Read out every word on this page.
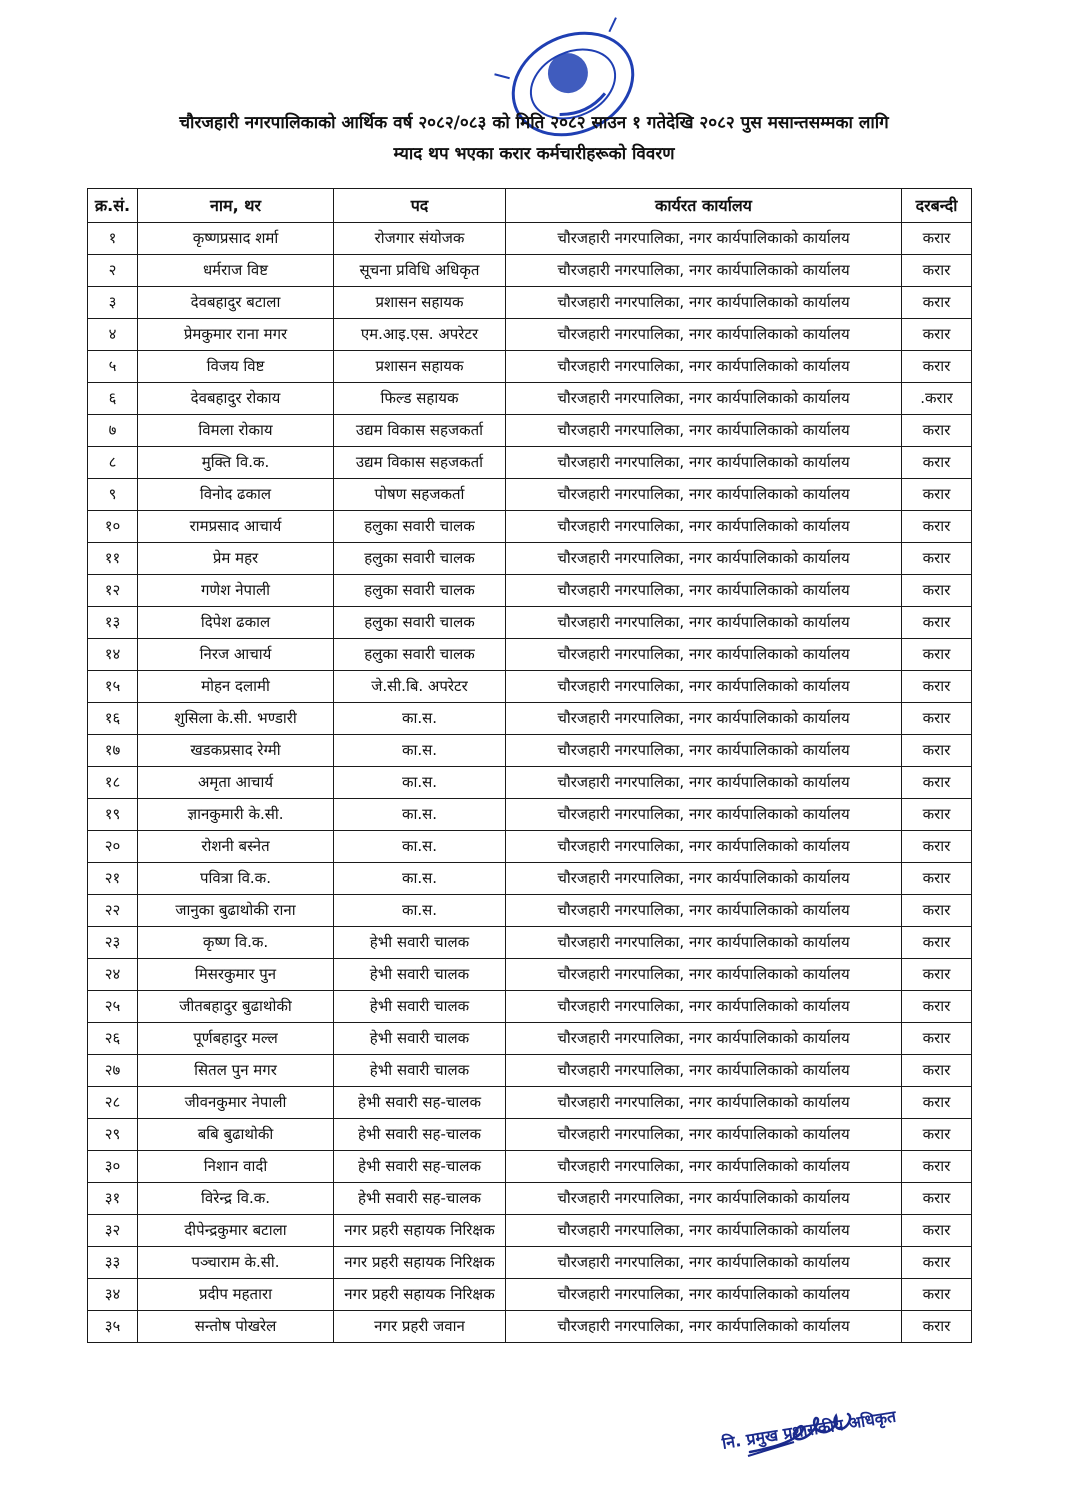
चौरजहारी नगरपालिकाको आर्थिक वर्ष २०८२/०८३ को मिति २०८२ साउन १ गतेदेखि २०८२ पुस मसान्तसम्मका लागि
म्याद थप भएका करार कर्मचारीहरूको विवरण
क्र.सं.	नाम, थर	पद	कार्यरत कार्यालय	दरबन्दी
१	कृष्णप्रसाद शर्मा	रोजगार संयोजक	चौरजहारी नगरपालिका, नगर कार्यपालिकाको कार्यालय	करार
२	धर्मराज विष्ट	सूचना प्रविधि अधिकृत	चौरजहारी नगरपालिका, नगर कार्यपालिकाको कार्यालय	करार
३	देवबहादुर बटाला	प्रशासन सहायक	चौरजहारी नगरपालिका, नगर कार्यपालिकाको कार्यालय	करार
४	प्रेमकुमार राना मगर	एम.आइ.एस. अपरेटर	चौरजहारी नगरपालिका, नगर कार्यपालिकाको कार्यालय	करार
५	विजय विष्ट	प्रशासन सहायक	चौरजहारी नगरपालिका, नगर कार्यपालिकाको कार्यालय	करार
६	देवबहादुर रोकाय	फिल्ड सहायक	चौरजहारी नगरपालिका, नगर कार्यपालिकाको कार्यालय	.करार
७	विमला रोकाय	उद्यम विकास सहजकर्ता	चौरजहारी नगरपालिका, नगर कार्यपालिकाको कार्यालय	करार
८	मुक्ति वि.क.	उद्यम विकास सहजकर्ता	चौरजहारी नगरपालिका, नगर कार्यपालिकाको कार्यालय	करार
९	विनोद ढकाल	पोषण सहजकर्ता	चौरजहारी नगरपालिका, नगर कार्यपालिकाको कार्यालय	करार
१०	रामप्रसाद आचार्य	हलुका सवारी चालक	चौरजहारी नगरपालिका, नगर कार्यपालिकाको कार्यालय	करार
११	प्रेम महर	हलुका सवारी चालक	चौरजहारी नगरपालिका, नगर कार्यपालिकाको कार्यालय	करार
१२	गणेश नेपाली	हलुका सवारी चालक	चौरजहारी नगरपालिका, नगर कार्यपालिकाको कार्यालय	करार
१३	दिपेश ढकाल	हलुका सवारी चालक	चौरजहारी नगरपालिका, नगर कार्यपालिकाको कार्यालय	करार
१४	निरज आचार्य	हलुका सवारी चालक	चौरजहारी नगरपालिका, नगर कार्यपालिकाको कार्यालय	करार
१५	मोहन दलामी	जे.सी.बि. अपरेटर	चौरजहारी नगरपालिका, नगर कार्यपालिकाको कार्यालय	करार
१६	शुसिला के.सी. भण्डारी	का.स.	चौरजहारी नगरपालिका, नगर कार्यपालिकाको कार्यालय	करार
१७	खडकप्रसाद रेग्मी	का.स.	चौरजहारी नगरपालिका, नगर कार्यपालिकाको कार्यालय	करार
१८	अमृता आचार्य	का.स.	चौरजहारी नगरपालिका, नगर कार्यपालिकाको कार्यालय	करार
१९	ज्ञानकुमारी के.सी.	का.स.	चौरजहारी नगरपालिका, नगर कार्यपालिकाको कार्यालय	करार
२०	रोशनी बस्नेत	का.स.	चौरजहारी नगरपालिका, नगर कार्यपालिकाको कार्यालय	करार
२१	पवित्रा वि.क.	का.स.	चौरजहारी नगरपालिका, नगर कार्यपालिकाको कार्यालय	करार
२२	जानुका बुढाथोकी राना	का.स.	चौरजहारी नगरपालिका, नगर कार्यपालिकाको कार्यालय	करार
२३	कृष्ण वि.क.	हेभी सवारी चालक	चौरजहारी नगरपालिका, नगर कार्यपालिकाको कार्यालय	करार
२४	मिसरकुमार पुन	हेभी सवारी चालक	चौरजहारी नगरपालिका, नगर कार्यपालिकाको कार्यालय	करार
२५	जीतबहादुर बुढाथोकी	हेभी सवारी चालक	चौरजहारी नगरपालिका, नगर कार्यपालिकाको कार्यालय	करार
२६	पूर्णबहादुर मल्ल	हेभी सवारी चालक	चौरजहारी नगरपालिका, नगर कार्यपालिकाको कार्यालय	करार
२७	सितल पुन मगर	हेभी सवारी चालक	चौरजहारी नगरपालिका, नगर कार्यपालिकाको कार्यालय	करार
२८	जीवनकुमार नेपाली	हेभी सवारी सह-चालक	चौरजहारी नगरपालिका, नगर कार्यपालिकाको कार्यालय	करार
२९	बबि बुढाथोकी	हेभी सवारी सह-चालक	चौरजहारी नगरपालिका, नगर कार्यपालिकाको कार्यालय	करार
३०	निशान वादी	हेभी सवारी सह-चालक	चौरजहारी नगरपालिका, नगर कार्यपालिकाको कार्यालय	करार
३१	विरेन्द्र वि.क.	हेभी सवारी सह-चालक	चौरजहारी नगरपालिका, नगर कार्यपालिकाको कार्यालय	करार
३२	दीपेन्द्रकुमार बटाला	नगर प्रहरी सहायक निरिक्षक	चौरजहारी नगरपालिका, नगर कार्यपालिकाको कार्यालय	करार
३३	पञ्चाराम के.सी.	नगर प्रहरी सहायक निरिक्षक	चौरजहारी नगरपालिका, नगर कार्यपालिकाको कार्यालय	करार
३४	प्रदीप महतारा	नगर प्रहरी सहायक निरिक्षक	चौरजहारी नगरपालिका, नगर कार्यपालिकाको कार्यालय	करार
३५	सन्तोष पोखरेल	नगर प्रहरी जवान	चौरजहारी नगरपालिका, नगर कार्यपालिकाको कार्यालय	करार
नि. प्रमुख प्रशासकीय अधिकृत
